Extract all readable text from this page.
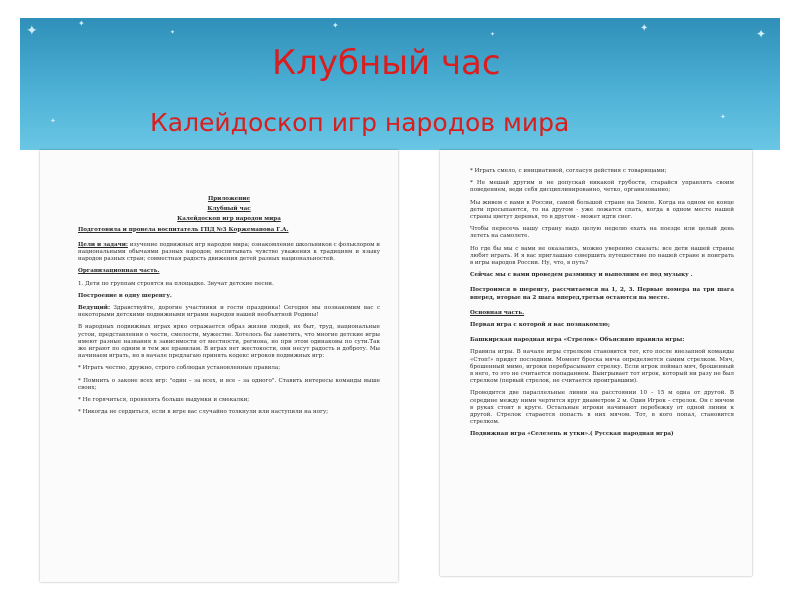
✦	✦
✦
✦
✦
✦	✦
✦
✦
Клубный час
Калейдоскоп игр народов мира

Приложение

Клубный час

Калейдоскоп игр народов мира

Подготовила и провела воспитатель ГПД №3 Коржеманова Г.А.

Цели и задачи: изучение подвижных игр народов мира; ознакомление школьников с фольклором и национальными обычаями разных народов; воспитывать чувство уважения к традициям и языку народов разных стран; совместная радость движения детей разных национальностей.

Организационная часть.

1. Дети по группам строятся на площадке. Звучат детские песни.

Построение в одну шеренгу.

Ведущий: Здравствуйте, дорогие участники и гости праздника! Сегодня мы познакомим вас с некоторыми детскими подвижными играми народов нашей необъятной Родины!

В народных подвижных играх ярко отражается образ жизни людей, их быт, труд, национальные устои, представления о чести, смелости, мужестве. Хотелось бы заметить, что многие детские игры имеют разные названия в зависимости от местности, региона, но при этом одинаковы по сути.Так же играют по одним и тем же правилам. В играх нет жестокости, они несут радость и доброту. Мы начинаем играть, но в начале предлагаю принять кодекс игроков подвижных игр:

* Играть честно, дружно, строго соблюдая установленные правила;

* Помнить о законе всех игр: "один – за всех, и все – за одного". Ставить интересы команды выше своих;

* Не горячиться, проявлять больше выдумки и смекалки;

* Никогда не сердиться, если в игре вас случайно толкнули или наступили на ногу;

* Играть смело, с инициативой, согласуя действия с товарищами;

* Не мешай другим и не допускай никакой грубости, старайся управлять своим поведением, веди себя дисциплинированно, четко, организованно;

Мы живем с вами в России, самой большой стране на Земле. Когда на одном ее конце дети просыпаются, то на другом - уже ложатся спать, когда в одном месте нашей страны цветут деревья, то в другом - может идти снег.

Чтобы пересечь нашу страну надо целую неделю ехать на поезде или целый день лететь на самолете.

Но где бы мы с вами не оказались, можно уверенно сказать: все дети нашей страны любят играть. И я вас приглашаю совершить путешествие по нашей стране и поиграть в игры народов России. Ну, что, в путь?

Сейчас мы с вами проведем разминку и выполним ее под музыку .

Построимся в шеренгу, рассчитаемся на 1, 2, 3. Первые номера на три шага вперед, вторые на 2 шага вперед,третьи остаются на месте.

Основная часть.

Первая игра с которой я вас познакомлю;

Башкирская народная игра «Стрелок» Объясняю правила игры:

Правила игры. В начале игры стрелком становится тот, кто после внезапной команды «Стоп!» придет последним. Момент броска мяча определяется самим стрелком. Мяч, брошенный мимо, игроки перебрасывают стрелку. Если игрок поймал мяч, брошенный в него, то это не считается попаданием. Выигрывает тот игрок, который ни разу не был стрелком (первый стрелок, не считается проигравшим).

Проводится две параллельные линии на расстоянии 10 – 15 м одна от другой. В середине между ними чертится круг диаметром 2 м. Один Игрок – стрелок. Он с мячом в руках стоит в круге. Остальные игроки начинают перебежку от одной линии к другой. Стрелок старается попасть в них мячом. Тот, в кого попал, становится стрелком.

Подвижная игра «Селезень и утки».( Русская народная игра)
